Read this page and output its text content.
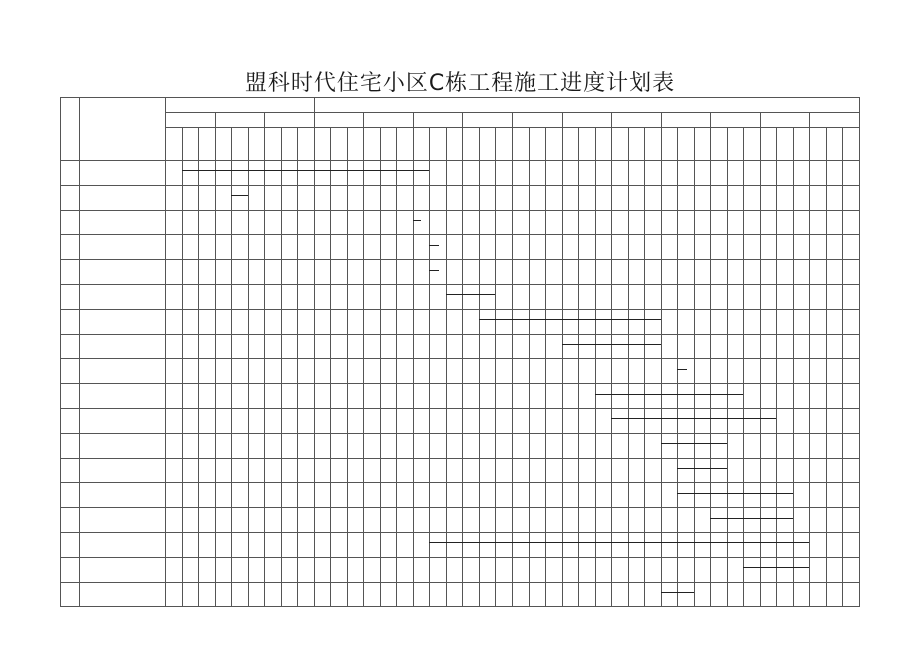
盟科时代住宅小区C栋工程施工进度计划表
